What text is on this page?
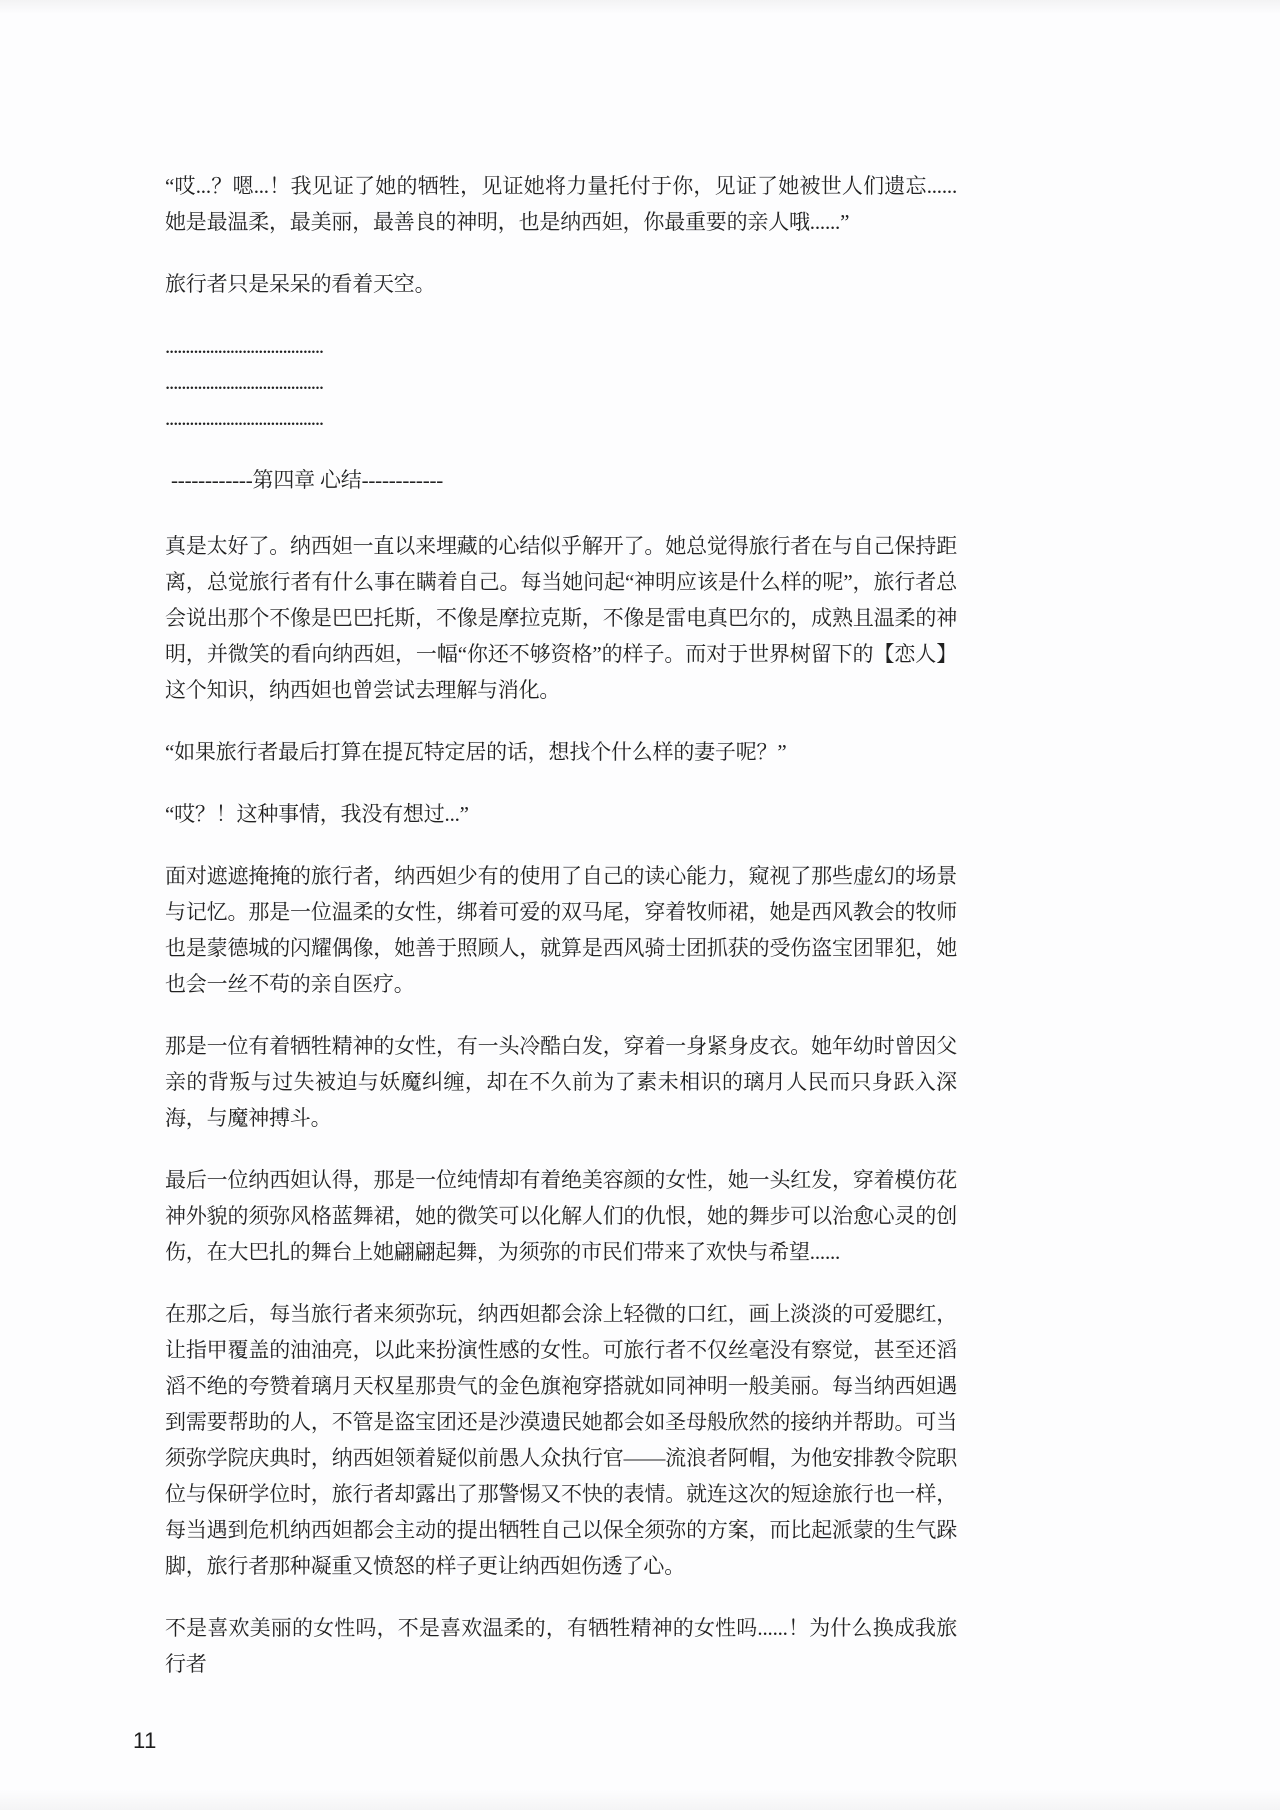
“哎...？嗯...！我见证了她的牺牲，见证她将力量托付于你，见证了她被世人们遗忘......她是最温柔，最美丽，最善良的神明，也是纳西妲，你最重要的亲人哦......”

旅行者只是呆呆的看着天空。

.......................................

.......................................

.......................................

------------第四章 心结------------

真是太好了。纳西妲一直以来埋藏的心结似乎解开了。她总觉得旅行者在与自己保持距离，总觉旅行者有什么事在瞒着自己。每当她问起“神明应该是什么样的呢”，旅行者总会说出那个不像是巴巴托斯，不像是摩拉克斯，不像是雷电真巴尔的，成熟且温柔的神明，并微笑的看向纳西妲，一幅“你还不够资格”的样子。而对于世界树留下的【恋人】这个知识，纳西妲也曾尝试去理解与消化。

“如果旅行者最后打算在提瓦特定居的话，想找个什么样的妻子呢？”

“哎？！这种事情，我没有想过...”

面对遮遮掩掩的旅行者，纳西妲少有的使用了自己的读心能力，窥视了那些虚幻的场景与记忆。那是一位温柔的女性，绑着可爱的双马尾，穿着牧师裙，她是西风教会的牧师也是蒙德城的闪耀偶像，她善于照顾人，就算是西风骑士团抓获的受伤盗宝团罪犯，她也会一丝不苟的亲自医疗。

那是一位有着牺牲精神的女性，有一头冷酷白发，穿着一身紧身皮衣。她年幼时曾因父亲的背叛与过失被迫与妖魔纠缠，却在不久前为了素未相识的璃月人民而只身跃入深海，与魔神搏斗。

最后一位纳西妲认得，那是一位纯情却有着绝美容颜的女性，她一头红发，穿着模仿花神外貌的须弥风格蓝舞裙，她的微笑可以化解人们的仇恨，她的舞步可以治愈心灵的创伤，在大巴扎的舞台上她翩翩起舞，为须弥的市民们带来了欢快与希望......

在那之后，每当旅行者来须弥玩，纳西妲都会涂上轻微的口红，画上淡淡的可爱腮红，让指甲覆盖的油油亮，以此来扮演性感的女性。可旅行者不仅丝毫没有察觉，甚至还滔滔不绝的夸赞着璃月天权星那贵气的金色旗袍穿搭就如同神明一般美丽。每当纳西妲遇到需要帮助的人，不管是盗宝团还是沙漠遗民她都会如圣母般欣然的接纳并帮助。可当须弥学院庆典时，纳西妲领着疑似前愚人众执行官——流浪者阿帽，为他安排教令院职位与保研学位时，旅行者却露出了那警惕又不快的表情。就连这次的短途旅行也一样，每当遇到危机纳西妲都会主动的提出牺牲自己以保全须弥的方案，而比起派蒙的生气跺脚，旅行者那种凝重又愤怒的样子更让纳西妲伤透了心。

不是喜欢美丽的女性吗，不是喜欢温柔的，有牺牲精神的女性吗......！为什么换成我旅行者

11
